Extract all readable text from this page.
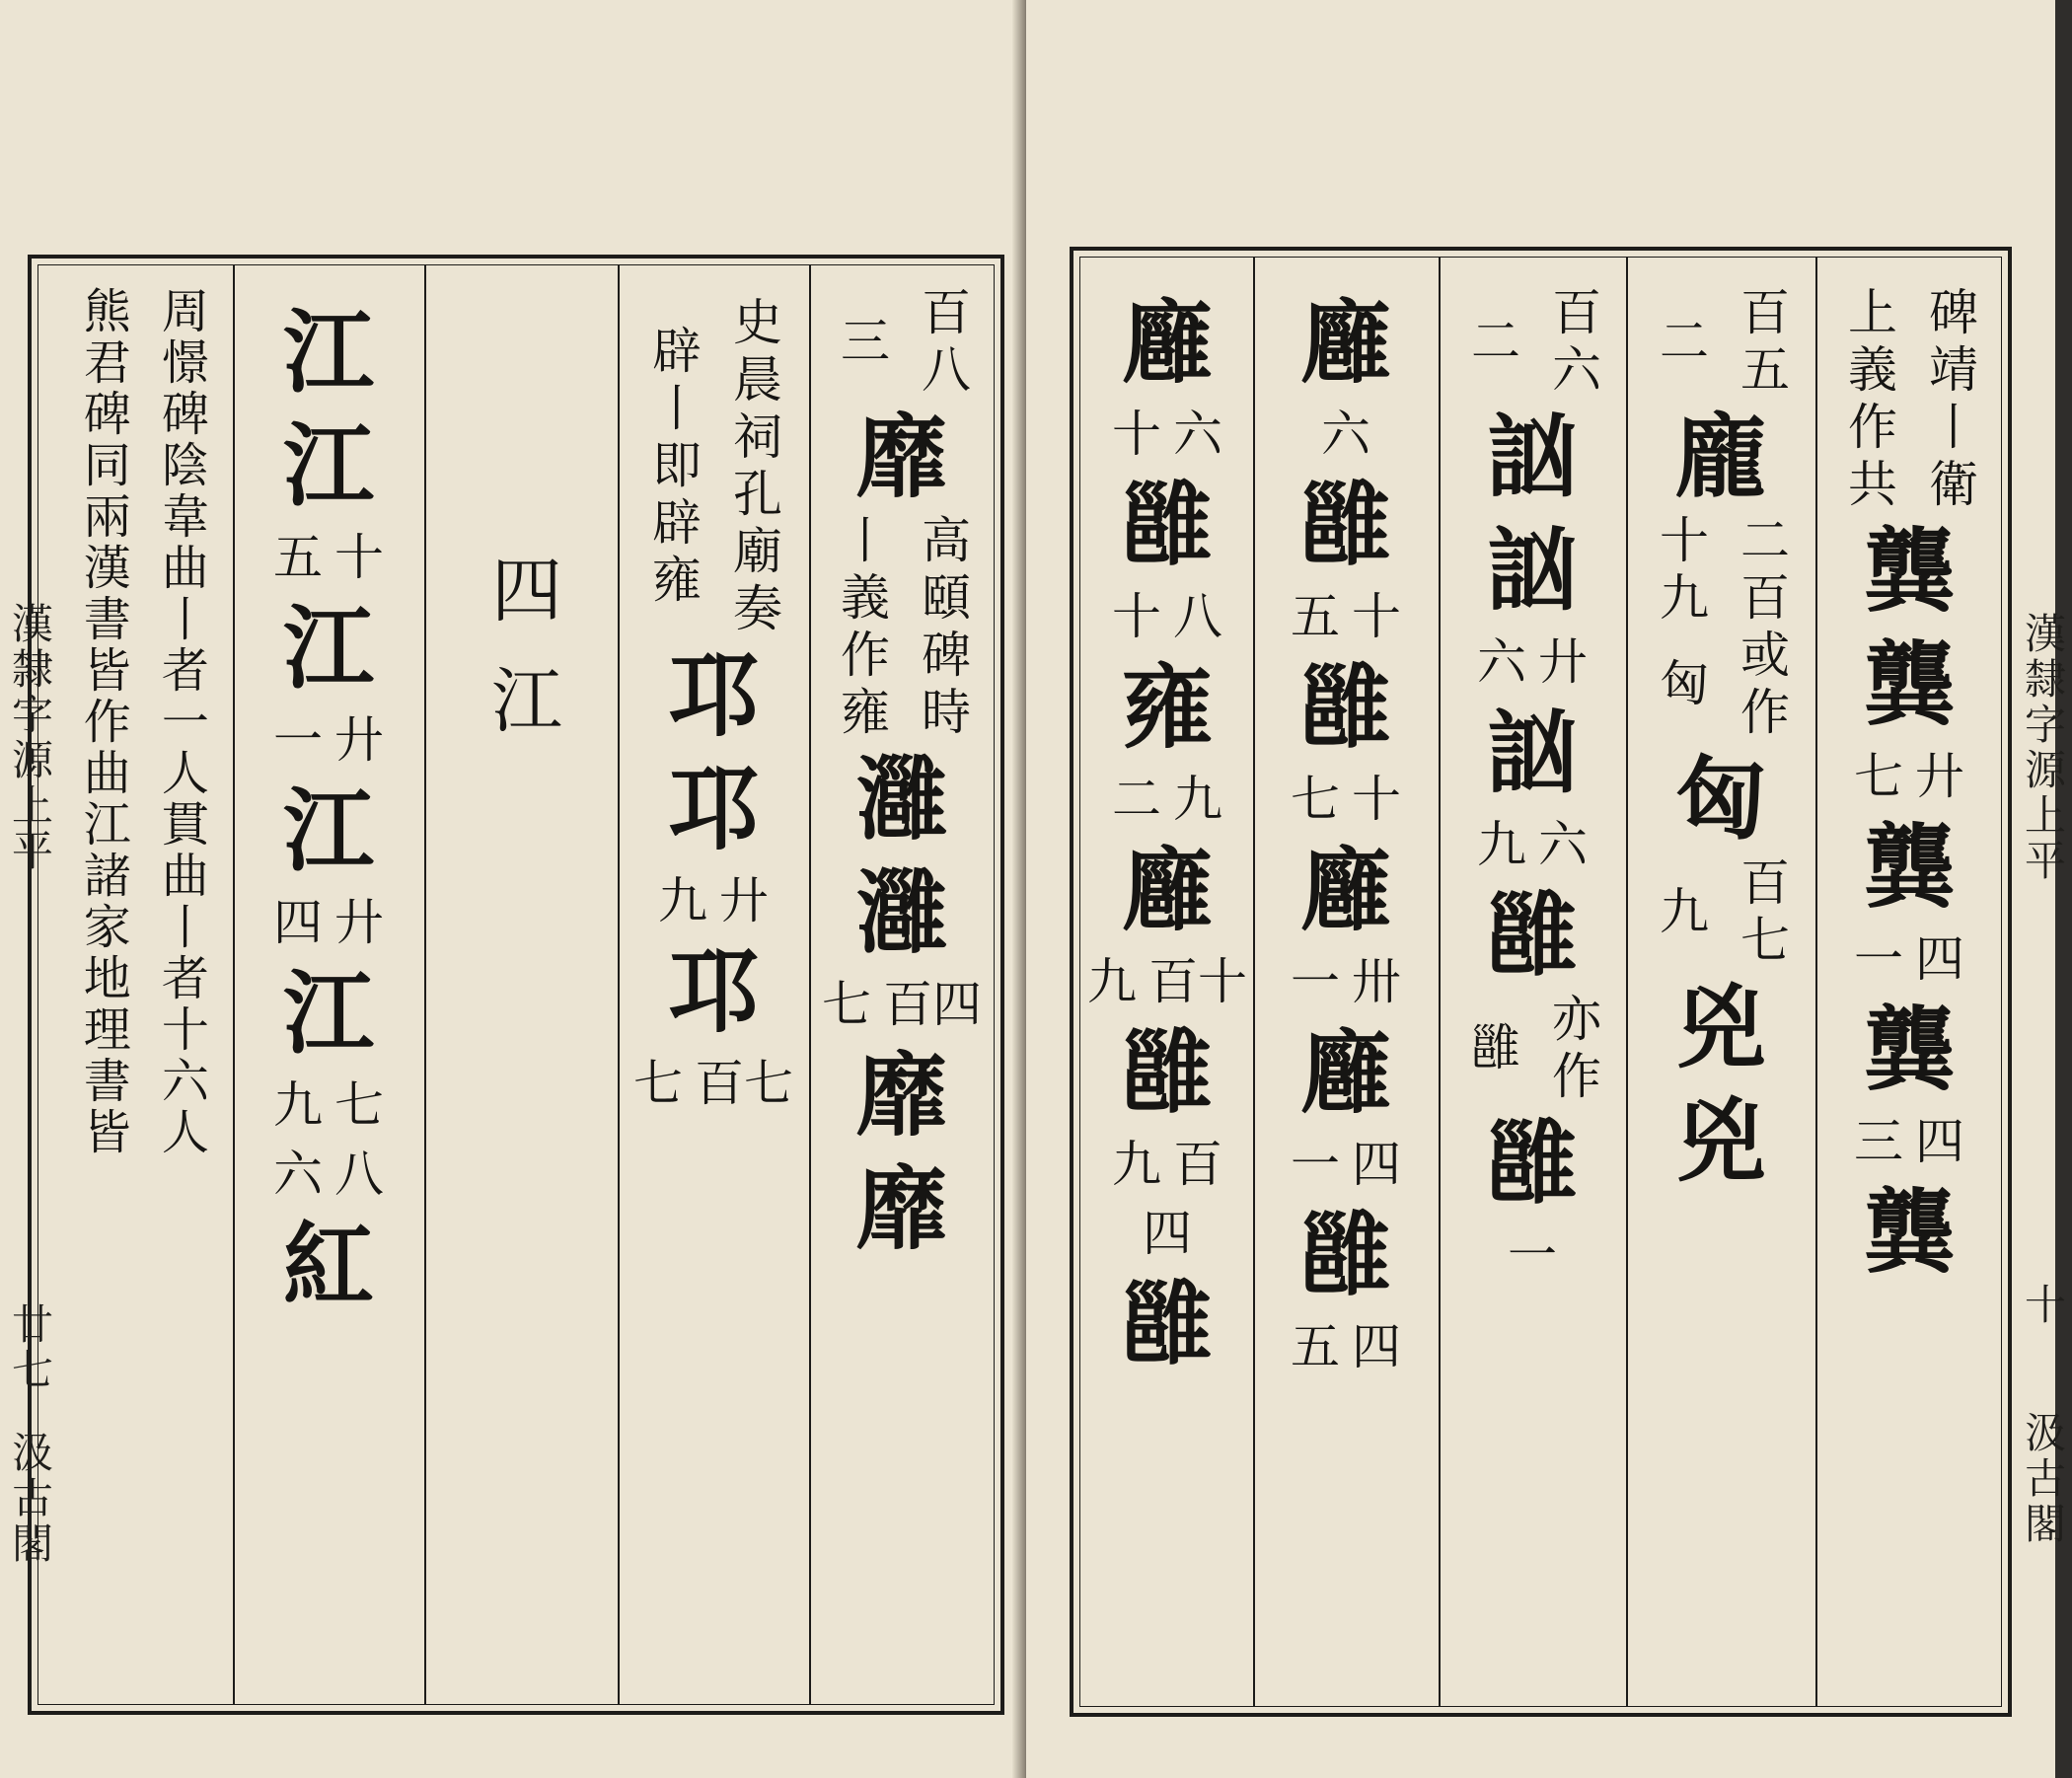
百八
三
靡
高頤碑時
丨義作雍
灉
灉
百四
七
靡
靡
史晨祠孔廟奏
辟丨即辟雍
邛
邛
廾
九
邛
百七
七
四江
江
江
十
五
江
廾
一
江
廾
四
江
七
九
八
六
紅
周憬碑陰韋曲丨者一人貫曲丨者十六人
熊君碑同兩漢書皆作曲江諸家地理書皆
漢隸字源上平
廿七
汲古閣
碑靖丨衛
上義作共
龔
龔
廾
七
龔
四
一
龔
四
三
龔
百五
二
龐
二百
十九
或作
匈
匈
百七
九
兇
兇
百六
二
訩
訩
廾
六
訩
六
九
雝
亦作
雝
雝
一
廱
六
雝
十
五
雝
十
七
廱
卅
一
廱
四
一
雝
四
五
廱
六
十
雝
八
十
雍
九
二
廱
百十
九
雝
百
九
四
雝
漢隸字源上平
十
汲古閣
